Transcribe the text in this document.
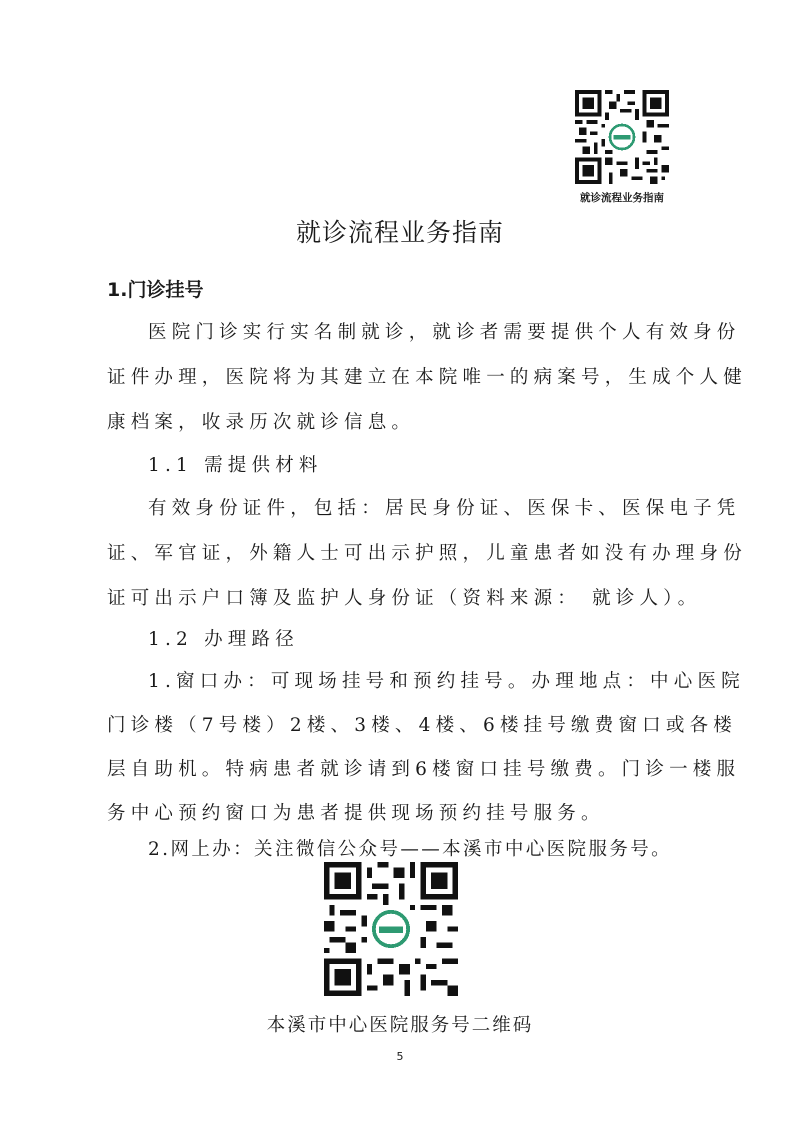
就诊流程业务指南
就诊流程业务指南
1.门诊挂号
医院门诊实行实名制就诊，就诊者需要提供个人有效身份
证件办理，医院将为其建立在本院唯一的病案号，生成个人健
康档案，收录历次就诊信息。
1.1 需提供材料
有效身份证件，包括：居民身份证、医保卡、医保电子凭
证、军官证，外籍人士可出示护照，儿童患者如没有办理身份
证可出示户口簿及监护人身份证（资料来源： 就诊人）。
1.2 办理路径
1.窗口办：可现场挂号和预约挂号。办理地点：中心医院
门诊楼（7号楼）2楼、3楼、4楼、6楼挂号缴费窗口或各楼
层自助机。特病患者就诊请到6楼窗口挂号缴费。门诊一楼服
务中心预约窗口为患者提供现场预约挂号服务。
2.网上办：关注微信公众号——本溪市中心医院服务号。
本溪市中心医院服务号二维码
5
